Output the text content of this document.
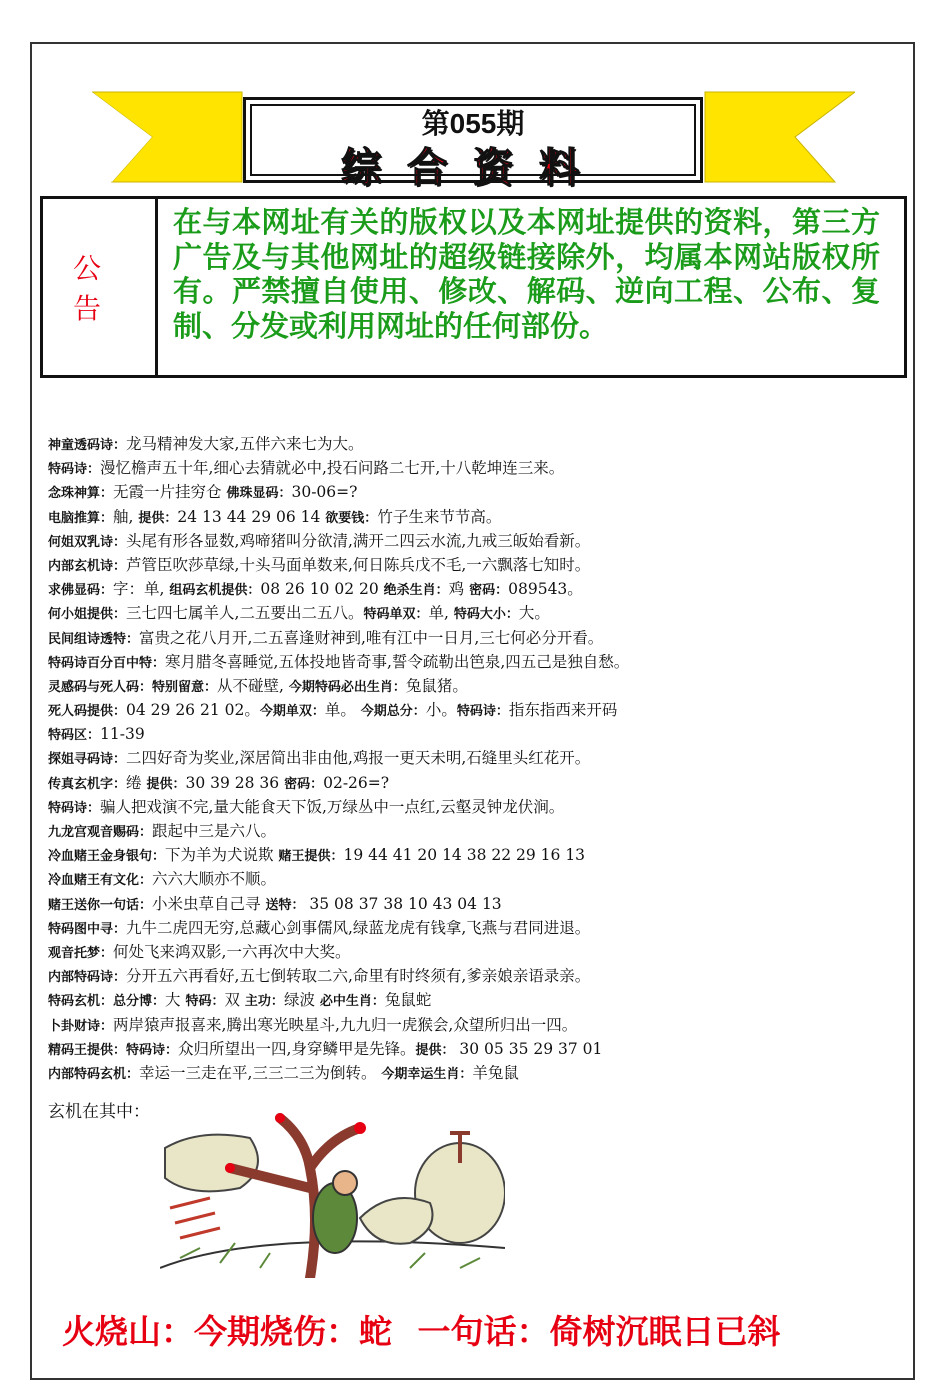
第055期
综合资料
公告
在与本网址有关的版权以及本网址提供的资料，第三方广告及与其他网址的超级链接除外，均属本网站版权所有。严禁擅自使用、修改、解码、逆向工程、公布、复制、分发或利用网址的任何部份。
神童透码诗：龙马精神发大家,五伴六来七为大。
特码诗：漫忆檐声五十年,细心去猜就必中,投石问路二七开,十八乾坤连三来。
念珠神算：无霞一片挂穷仓 佛珠显码：30-06=?
电脑推算：舳, 提供：24 13 44 29 06 14 欲要钱：竹子生来节节高。
何姐双乳诗：头尾有形各显数,鸡啼猪叫分欲清,满开二四云水流,九戒三皈始看新。
内部玄机诗：芦管臣吹莎草绿,十头马面单数来,何日陈兵戊不毛,一六飘落七知时。
求佛显码：字：单, 组码玄机提供：08 26 10 02 20 绝杀生肖：鸡 密码：089543。
何小姐提供：三七四七属羊人,二五要出二五八。特码单双：单, 特码大小：大。
民间组诗透特：富贵之花八月开,二五喜逢财神到,唯有江中一日月,三七何必分开看。
特码诗百分百中特：寒月腊冬喜睡觉,五体投地皆奇事,誓令疏勒出笆泉,四五己是独自愁。
灵感码与死人码：特别留意：从不碰壁, 今期特码必出生肖：兔鼠猪。
死人码提供：04 29 26 21 02。今期单双：单。 今期总分：小。特码诗：指东指西来开码
特码区：11-39
探姐寻码诗：二四好奇为奖业,深居简出非由他,鸡报一更天未明,石缝里头红花开。
传真玄机字：绻 提供：30 39 28 36 密码：02-26=?
特码诗：骗人把戏演不完,量大能食天下饭,万绿丛中一点红,云壑灵钟龙伏涧。
九龙宫观音赐码：跟起中三是六八。
冷血赌王金身银句：下为羊为犬说欺 赌王提供：19 44 41 20 14 38 22 29 16 13
冷血赌王有文化：六六大顺亦不顺。
赌王送你一句话：小米虫草自己寻 送特： 35 08 37 38 10 43 04 13
特码图中寻：九牛二虎四无穷,总藏心剑事儒风,绿蓝龙虎有钱拿,飞燕与君同进退。
观音托梦：何处飞来鸿双影,一六再次中大奖。
内部特码诗：分开五六再看好,五七倒转取二六,命里有时终须有,爹亲娘亲语录亲。
特码玄机：总分博：大 特码：双 主功：绿波 必中生肖：兔鼠蛇
卜卦财诗：两岸猿声报喜来,腾出寒光映星斗,九九归一虎猴会,众望所归出一四。
精码王提供：特码诗：众归所望出一四,身穿鳞甲是先锋。提供： 30 05 35 29 37 01
内部特码玄机：幸运一三走在平,三三二三为倒转。 今期幸运生肖：羊兔鼠
玄机在其中：
火烧山：今期烧伤：蛇 一句话：倚树沉眠日已斜
